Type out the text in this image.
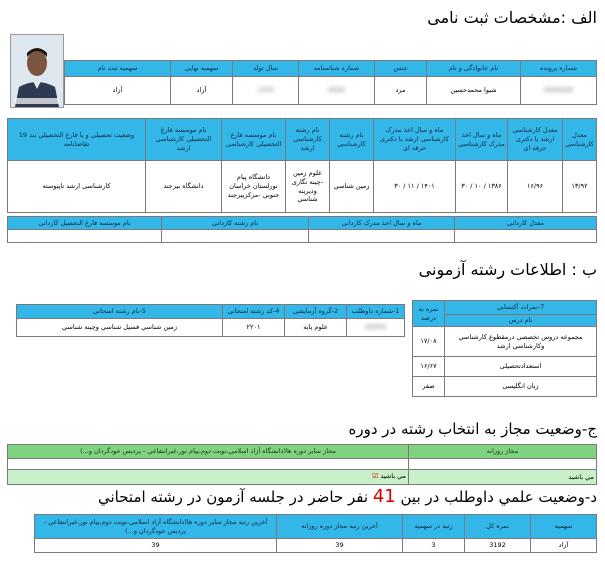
الف :مشخصات ثبت نامی
شماره پرونده	نام خانوادگی و نام	جنس	شماره شناسنامه	سال تولد	سهمیه نهایی	سهمیه ثبت نام
0000000	شیوا محمدحسین	مرد	0000	1370	آزاد	آزاد
معدل کارشناسی	معدل کارشناسی ارشد یا دکتری حرفه ای	ماه و سال اخذ مدرک کارشناسی	ماه و سال اخذ مدرک کارشناسی ارشد یا دکتری حرفه ای	نام رشته کارشناسی	نام رشته کارشناسی ارشد	نام موسسه فارغ التحصیلی کارشناسی	نام موسسه فارغ التحصیلی کارشناسی ارشد	وضعیت تحصیلی و یا فارغ التحصیلی بند 19 تقاضانامه
۱۳/۹۲	۱۶/۹۶	۱۳۸۶ / ۱۰ / ۳۰	۱۴۰۱ / ۱۱ / ۳۰	زمین شناسي	علوم زمین -چینه نگاری وديرينه شناسي	دانشگاه پيام نورلستان خراسان جنوبي -مرکزبيرجند	دانشگاه بيرجند	کارشناسی ارشد ناپیوسته
معدل کاردانی	ماه و سال اخذ مدرک کاردانی	نام رشته کاردانی	نام موسسه فارغ التحصیل کاردانی

ب : اطلاعات رشته آزمونی
7-نمرات آکتسابی	نمره به درصد
نام درس	
مجموعه دروس تخصصی درمقطوع کارشناسي وكارشناسي ارشد	۱۷/۰۸
استعدادتحصیلی	۱۶/۶۷
زبان انگلیسی	صفر
1-شماره داوطلب	2-گروه آزمایشی	4-کد رشته امتحانی	5-نام رشته امتحانی
00000	علوم پایه	۲۲۰۱	زمین شناسي فسيل شناسي وچينه شناسي
ج-وضعیت مجاز به انتخاب رشته در دوره
مجاز روزانه	مجاز سایر دوره ها(دانشگاه آزاد اسلامی،نوبت دوم،پيام نور،غيرانتفاعي - پرديس خودگردان و...)

مي باشيد	مي باشيد ☑
د-وضعیت علمي داوطلب در بين 41 نفر حاضر در جلسه آزمون در رشته امتحاني
سهمیه	نمره کل	رتبه در سهمیه	آخرین رتبه مجاز دوره روزانه	آخرین رتبه مجاز سایر دوره ها(دانشگاه آزاد اسلامی،نوبت دوم،پيام نور،غيرانتفاعي - پرديس خودگردان و...)
آزاد	3192	3	39	39
